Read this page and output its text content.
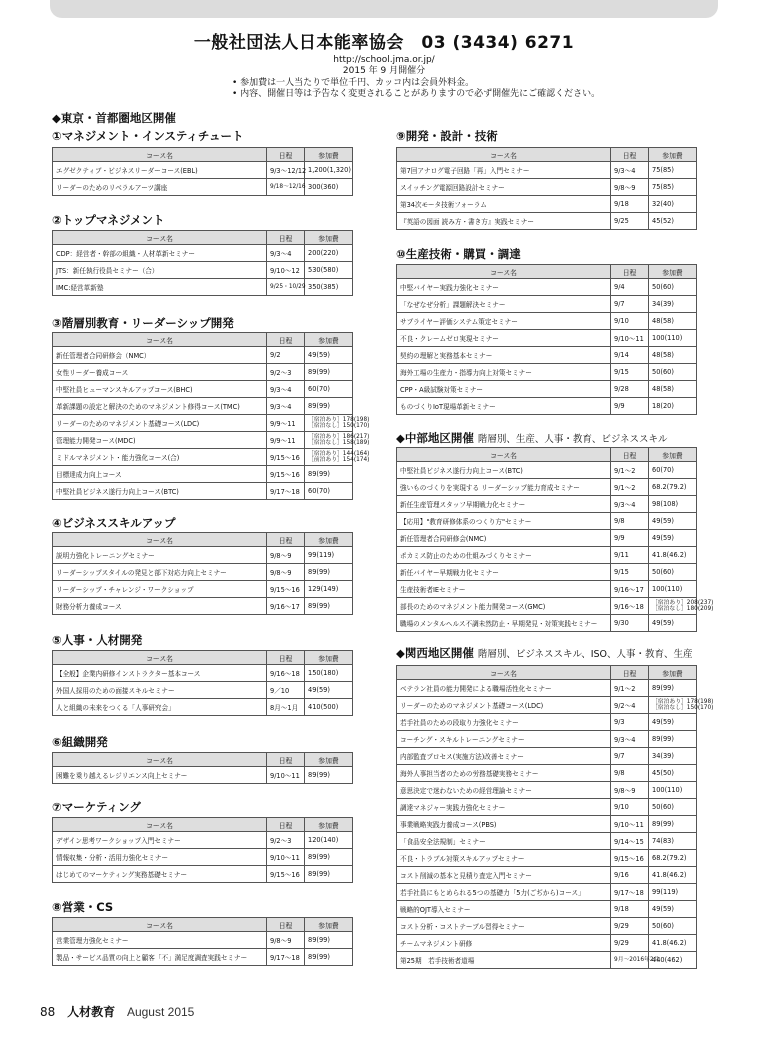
一般社団法人日本能率協会　03 (3434) 6271
http://school.jma.or.jp/
2015 年 9 月開催分
• 参加費は一人当たりで単位千円、カッコ内は会員外料金。
• 内容、開催日等は予告なく変更されることがありますので必ず開催先にご確認ください。
◆東京・首都圏地区開催
①マネジメント・インスティチュート
コース名	日程	参加費
エグゼクティブ・ビジネスリーダーコース(EBL)	9/3～12/12	1,200(1,320)
リーダーのためのリベラルアーツ講座	9/18～12/16	300(360)
②トップマネジメント
コース名	日程	参加費
CDP：経営者・幹部の組織・人材革新セミナー	9/3～4	200(220)
JTS：新任執行役員セミナー（合）	9/10～12	530(580)
IMC:経営革新塾	9/25・10/29	350(385)
③階層別教育・リーダーシップ開発
コース名	日程	参加費
新任管理者合同研修会（NMC）	9/2	49(59)
女性リーダー養成コース	9/2～3	89(99)
中堅社員ヒューマンスキルアップコース(BHC)	9/3～4	60(70)
革新課題の設定と解決のためのマネジメント修得コース(TMC)	9/3～4	89(99)
リーダーのためのマネジメント基礎コース(LDC)	9/9～11	［宿泊あり］178(198)
［宿泊なし］150(170)

管理能力開発コース(MDC)	9/9～11	［宿泊あり］186(217)
［宿泊なし］158(189)

ミドルマネジメント・能力強化コース(合)	9/15～16	［宿泊あり］144(164)
［前泊あり］154(174)

目標達成力向上コース	9/15～16	89(99)
中堅社員ビジネス遂行力向上コース(BTC)	9/17～18	60(70)
④ビジネススキルアップ
コース名	日程	参加費
説明力強化トレーニングセミナー	9/8～9	99(119)
リーダーシップスタイルの発見と部下対応力向上セミナー	9/8～9	89(99)
リーダーシップ・チャレンジ・ワークショップ	9/15～16	129(149)
財務分析力養成コース	9/16～17	89(99)
⑤人事・人材開発
コース名	日程	参加費
【全般】企業内研修インストラクター基本コース	9/16～18	150(180)
外国人採用のための面接スキルセミナー	9／10	49(59)
人と組織の未来をつくる「人事研究会」	8月～1月	410(500)
⑥組織開発
コース名	日程	参加費
困難を乗り越えるレジリエンス向上セミナー	9/10～11	89(99)
⑦マーケティング
コース名	日程	参加費
デザイン思考ワークショップ入門セミナー	9/2～3	120(140)
情報収集・分析・活用力強化セミナー	9/10～11	89(99)
はじめてのマーケティング実務基礎セミナー	9/15～16	89(99)
⑧営業・CS
コース名	日程	参加費
営業管理力強化セミナー	9/8～9	89(99)
製品・サービス品質の向上と顧客「不」満足度調査実践セミナー	9/17～18	89(99)
⑨開発・設計・技術
コース名	日程	参加費
第7回アナログ電子回路「再」入門セミナー	9/3～4	75(85)
スイッチング電源回路設計セミナー	9/8～9	75(85)
第34次モータ技術フォーラム	9/18	32(40)
『英語の図面 読み方・書き方』実践セミナー	9/25	45(52)
⑩生産技術・購買・調達
コース名	日程	参加費
中堅バイヤー実践力強化セミナー	9/4	50(60)
「なぜなぜ分析」課題解決セミナー	9/7	34(39)
サプライヤー評価システム策定セミナー	9/10	48(58)
不良・クレームゼロ実現セミナー	9/10～11	100(110)
契約の理解と実務基本セミナー	9/14	48(58)
海外工場の生産力・指導力向上対策セミナー	9/15	50(60)
CPP・A級試験対策セミナー	9/28	48(58)
ものづくりIoT現場革新セミナー	9/9	18(20)
◆中部地区開催 階層別、生産、人事・教育、ビジネススキル
コース名	日程	参加費
中堅社員ビジネス遂行力向上コース(BTC)	9/1～2	60(70)
強いものづくりを実現する リーダーシップ能力育成セミナー	9/1～2	68.2(79.2)
新任生産管理スタッフ早期戦力化セミナー	9/3～4	98(108)
【応用】"教育研修体系のつくり方"セミナー	9/8	49(59)
新任管理者合同研修会(NMC)	9/9	49(59)
ポカミス防止のための仕組みづくりセミナー	9/11	41.8(46.2)
新任バイヤー早期戦力化セミナー	9/15	50(60)
生産技術者IEセミナー	9/16～17	100(110)
部長のためのマネジメント能力開発コース(GMC)	9/16～18	［宿泊あり］208(237)
［宿泊なし］180(209)

職場のメンタルヘルス不調未然防止・早期発見・対策実践セミナー	9/30	49(59)
◆関西地区開催 階層別、ビジネススキル、ISO、人事・教育、生産
コース名	日程	参加費
ベテラン社員の能力開発による職場活性化セミナー	9/1～2	89(99)
リーダーのためのマネジメント基礎コース(LDC)	9/2～4	［宿泊あり］178(198)
［宿泊なし］150(170)

若手社員のための段取り力強化セミナー	9/3	49(59)
コーチング・スキルトレーニングセミナー	9/3～4	89(99)
内部監査プロセス(実施方法)改善セミナー	9/7	34(39)
海外人事担当者のための労務基礎実務セミナー	9/8	45(50)
意思決定で迷わないための経営理論セミナー	9/8～9	100(110)
調達マネジャー実践力強化セミナー	9/10	50(60)
事業戦略実践力養成コース(PBS)	9/10～11	89(99)
「食品安全法規制」セミナー	9/14～15	74(83)
不良・トラブル対策スキルアップセミナー	9/15～16	68.2(79.2)
コスト削減の基本と見積り査定入門セミナー	9/16	41.8(46.2)
若手社員にもとめられる5つの基礎力「5力(ごぢから)コース」	9/17～18	99(119)
戦略的OJT導入セミナー	9/18	49(59)
コスト分析・コストテーブル習得セミナー	9/29	50(60)
チームマネジメント研修	9/29	41.8(46.2)
第25期　若手技術者道場	9月～2016年2月	440(462)
88 人材教育 August 2015
